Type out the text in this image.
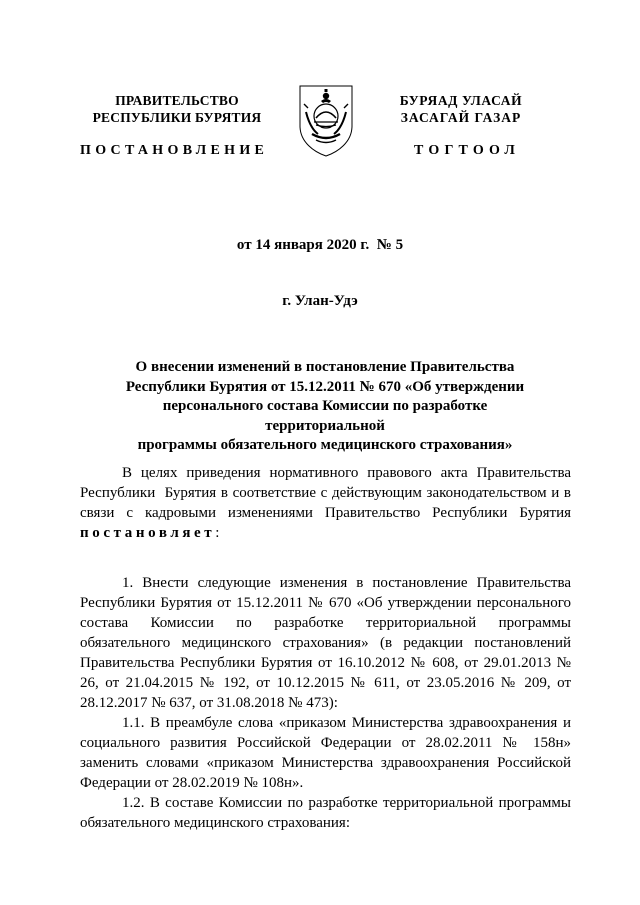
ПРАВИТЕЛЬСТВО
РЕСПУБЛИКИ БУРЯТИЯ
ПОСТАНОВЛЕНИЕ
БУРЯАД УЛАСАЙ
ЗАСАГАЙ ГАЗАР
ТОГТООЛ
от 14 января 2020 г.  № 5
г. Улан-Удэ
О внесении изменений в постановление Правительства
Республики Бурятия от 15.12.2011 № 670 «Об утверждении
персонального состава Комиссии по разработке территориальной
программы обязательного медицинского страхования»

В целях приведения нормативного правового акта Правительства Республики  Бурятия в соответствие с действующим законодательством и в связи с кадровыми изменениями Правительство Республики Бурятия постановляет:

1. Внести следующие изменения в постановление Правительства Республики Бурятия от 15.12.2011 № 670 «Об утверждении персонального состава Комиссии по разработке территориальной программы обязательного медицинского страхования» (в редакции постановлений Правительства Республики Бурятия от 16.10.2012 № 608, от 29.01.2013 № 26, от 21.04.2015 № 192, от 10.12.2015 № 611, от 23.05.2016 № 209, от 28.12.2017 № 637, от 31.08.2018 № 473):

1.1. В преамбуле слова «приказом Министерства здравоохранения и социального развития Российской Федерации от 28.02.2011 № 158н» заменить словами «приказом Министерства здравоохранения Российской Федерации от 28.02.2019 № 108н».

1.2. В составе Комиссии по разработке территориальной программы обязательного медицинского страхования:
